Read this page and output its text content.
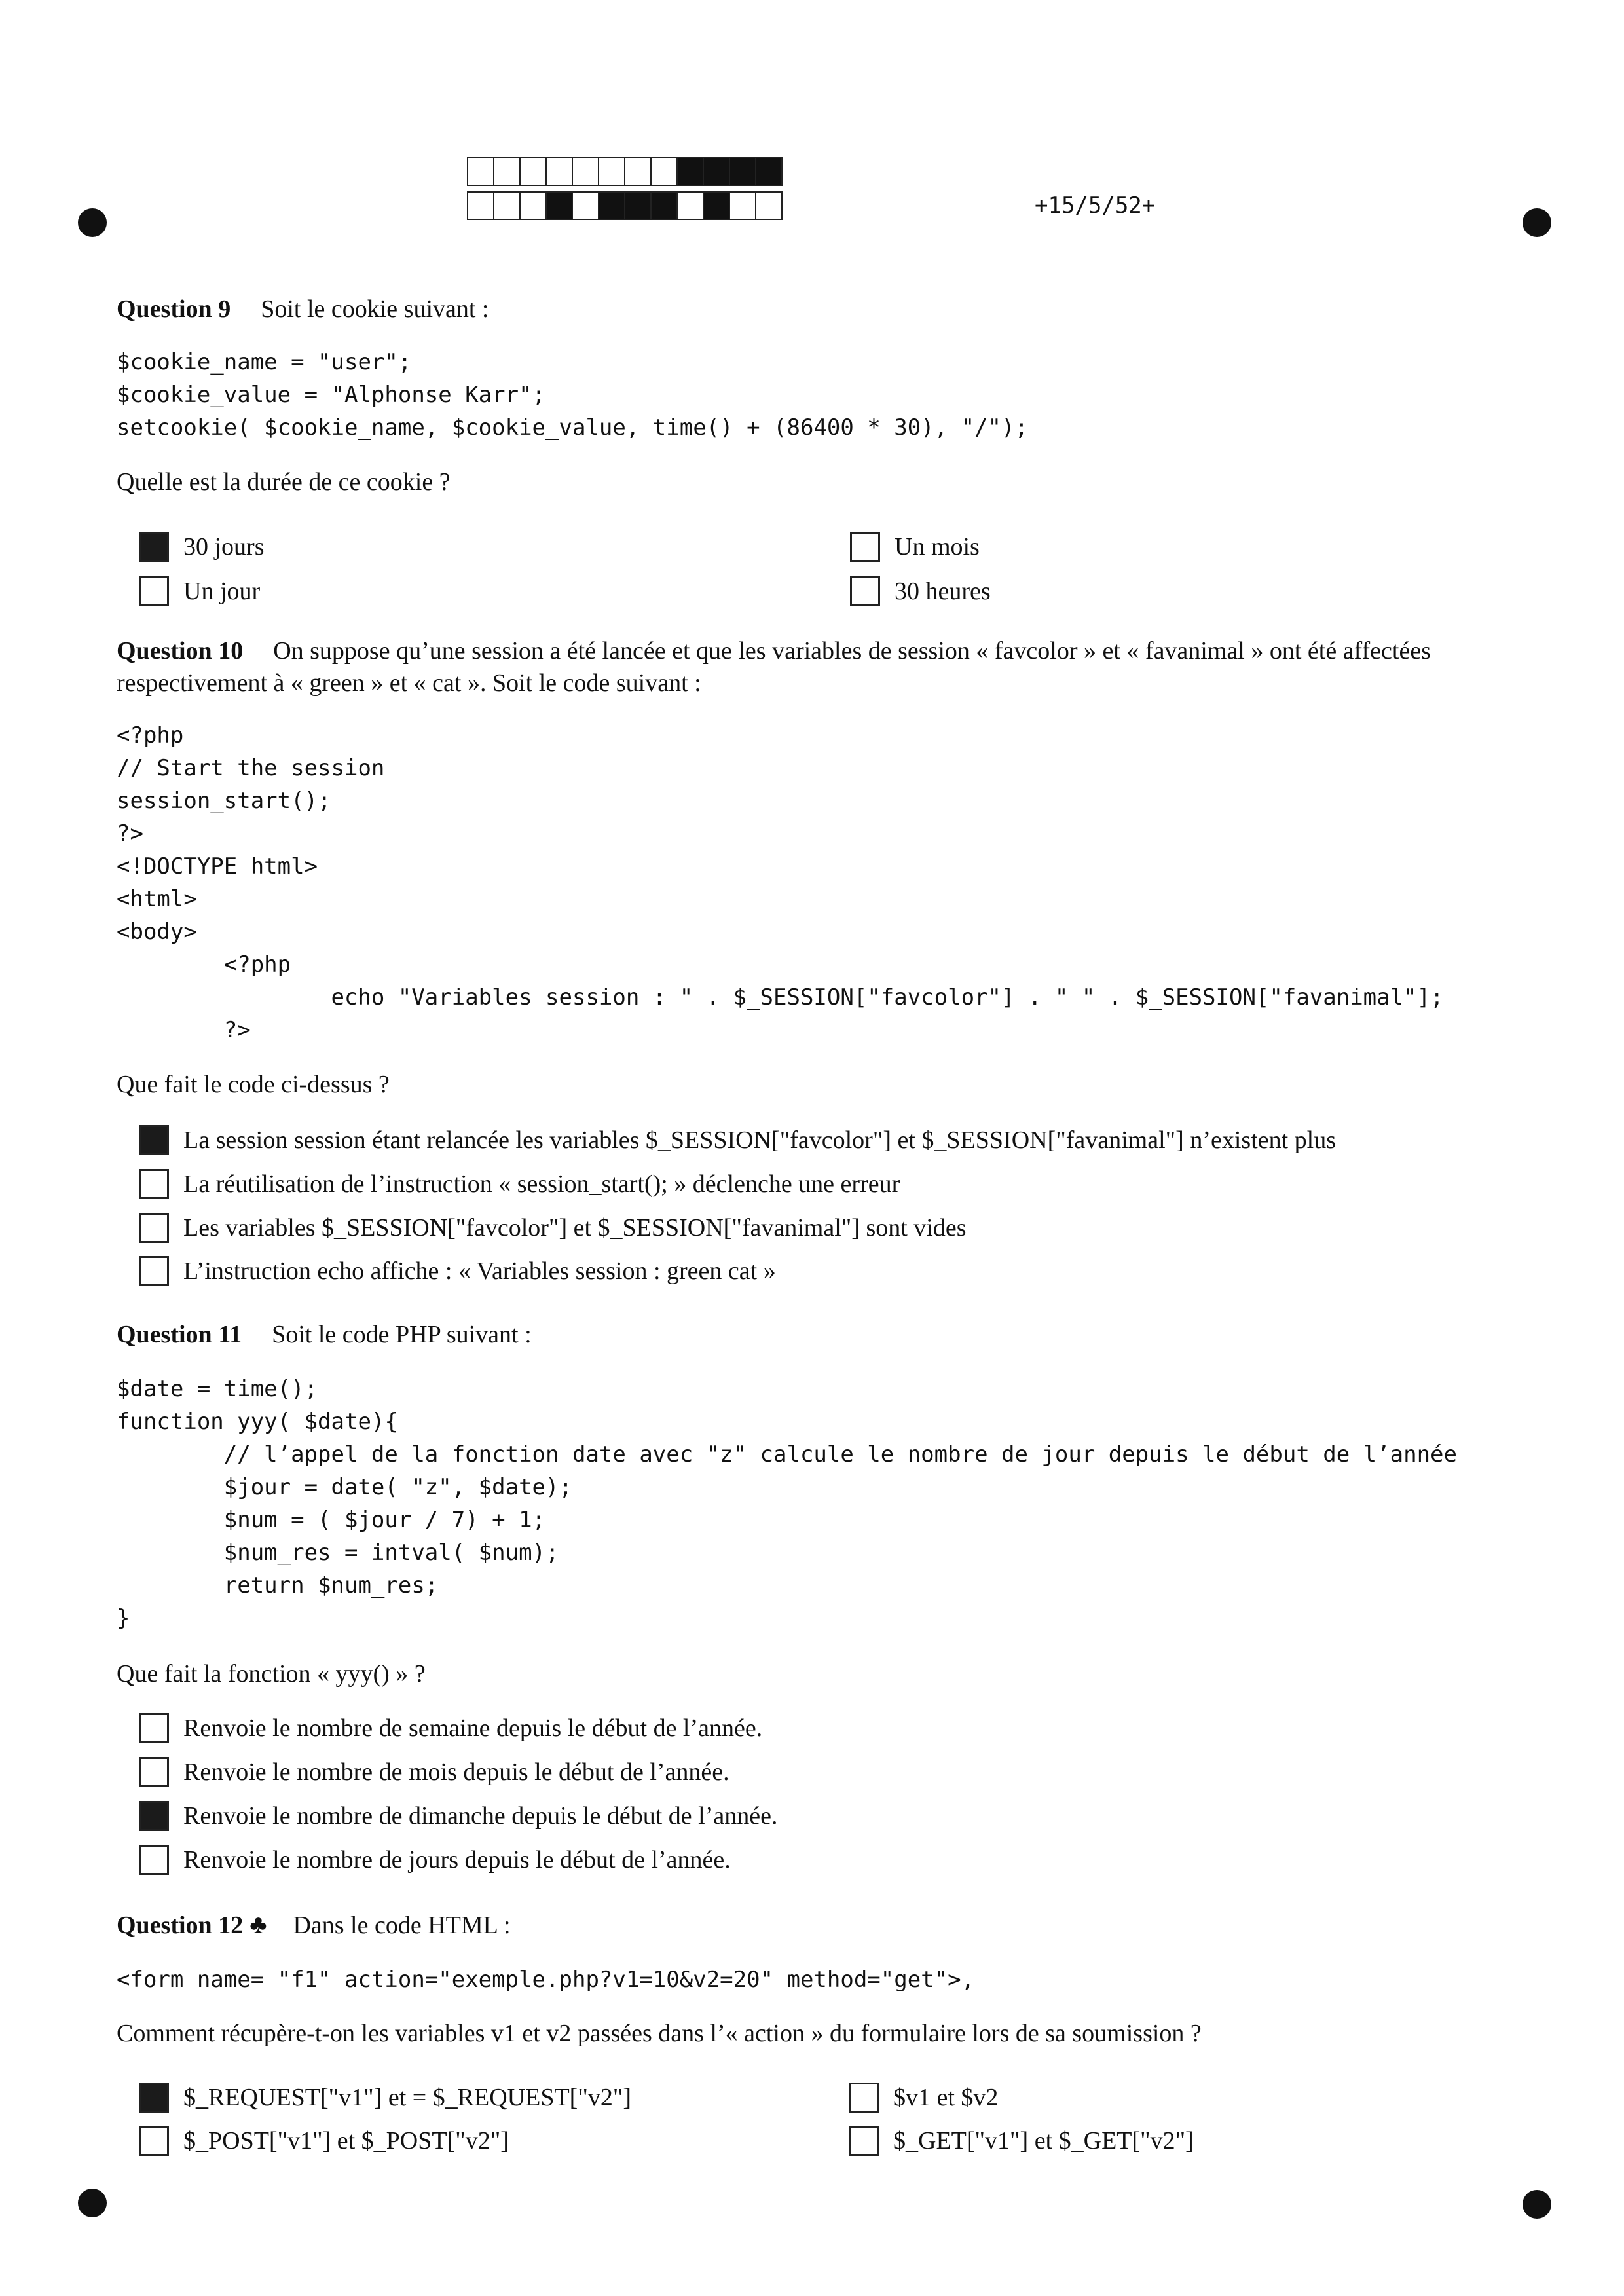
+15/5/52+
Question 9 Soit le cookie suivant :
$cookie_name = "user";
$cookie_value = "Alphonse Karr";
setcookie( $cookie_name, $cookie_value, time() + (86400 * 30), "/");
Quelle est la durée de ce cookie ?
30 jours	Un mois
Un jour	30 heures
Question 10 On suppose qu’une session a été lancée et que les variables de session « favcolor » et « favanimal » ont été affectées respectivement à « green » et « cat ». Soit le code suivant :
<?php
// Start the session
session_start();
?>
<!DOCTYPE html>
<html>
<body>
<?php
echo "Variables session : " . $_SESSION["favcolor"] . " " . $_SESSION["favanimal"];
?>
Que fait le code ci-dessus ?
La session session étant relancée les variables $_SESSION["favcolor"] et $_SESSION["favanimal"] n’existent plus
La réutilisation de l’instruction « session_start(); » déclenche une erreur
Les variables $_SESSION["favcolor"] et $_SESSION["favanimal"] sont vides
L’instruction echo affiche : « Variables session : green cat »
Question 11 Soit le code PHP suivant :
$date = time();
function yyy( $date){
// l’appel de la fonction date avec "z" calcule le nombre de jour depuis le début de l’année
$jour = date( "z", $date);
$num = ( $jour / 7) + 1;
$num_res = intval( $num);
return $num_res;
}
Que fait la fonction « yyy() » ?
Renvoie le nombre de semaine depuis le début de l’année.
Renvoie le nombre de mois depuis le début de l’année.
Renvoie le nombre de dimanche depuis le début de l’année.
Renvoie le nombre de jours depuis le début de l’année.
Question 12 ♣ Dans le code HTML :
<form name= "f1" action="exemple.php?v1=10&v2=20" method="get">,
Comment récupère-t-on les variables v1 et v2 passées dans l’« action » du formulaire lors de sa soumission ?
$_REQUEST["v1"] et = $_REQUEST["v2"]	$v1 et $v2
$_POST["v1"] et $_POST["v2"]	$_GET["v1"] et $_GET["v2"]
